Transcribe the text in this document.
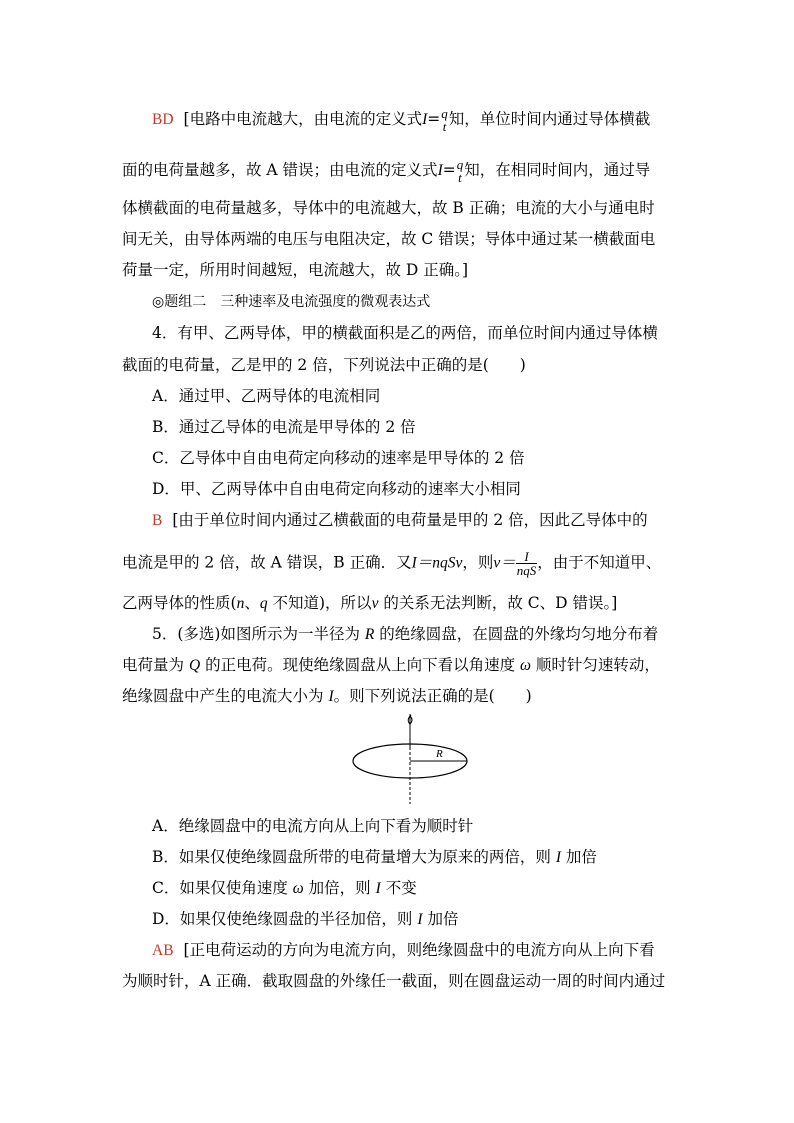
BD [电路中电流越大，由电流的定义式I= q
t 知，单位时间内通过导体横截
面的电荷量越多，故 A 错误；由电流的定义式I= q
t 知，在相同时间内，通过导
体横截面的电荷量越多，导体中的电流越大，故 B 正确；电流的大小与通电时
间无关，由导体两端的电压与电阻决定，故 C 错误；导体中通过某一横截面电
荷量一定，所用时间越短，电流越大，故 D 正确。]
◎题组二　三种速率及电流强度的微观表达式
4．有甲、乙两导体，甲的横截面积是乙的两倍，而单位时间内通过导体横
截面的电荷量，乙是甲的 2 倍，下列说法中正确的是(　　)
A．通过甲、乙两导体的电流相同
B．通过乙导体的电流是甲导体的 2 倍
C．乙导体中自由电荷定向移动的速率是甲导体的 2 倍
D．甲、乙两导体中自由电荷定向移动的速率大小相同
B [由于单位时间内通过乙横截面的电荷量是甲的 2 倍，因此乙导体中的
电流是甲的 2 倍，故 A 错误，B 正确．又I＝nqSv，则$v= \frac{I}{\text{nqS}}$ ，由于不知道甲、
乙两导体的性质(n、q 不知道)，所以v 的关系无法判断，故 C、D 错误。]
5．(多选)如图所示为一半径为 R 的绝缘圆盘，在圆盘的外缘均匀地分布着
电荷量为 Q 的正电荷。现使绝缘圆盘从上向下看以角速度 ω 顺时针匀速转动，
绝缘圆盘中产生的电流大小为 I。则下列说法正确的是(　　)
R
A．绝缘圆盘中的电流方向从上向下看为顺时针
B．如果仅使绝缘圆盘所带的电荷量增大为原来的两倍，则 I 加倍
C．如果仅使角速度 ω 加倍，则 I 不变
D．如果仅使绝缘圆盘的半径加倍，则 I 加倍
AB [正电荷运动的方向为电流方向，则绝缘圆盘中的电流方向从上向下看
为顺时针，A 正确．截取圆盘的外缘任一截面，则在圆盘运动一周的时间内通过
